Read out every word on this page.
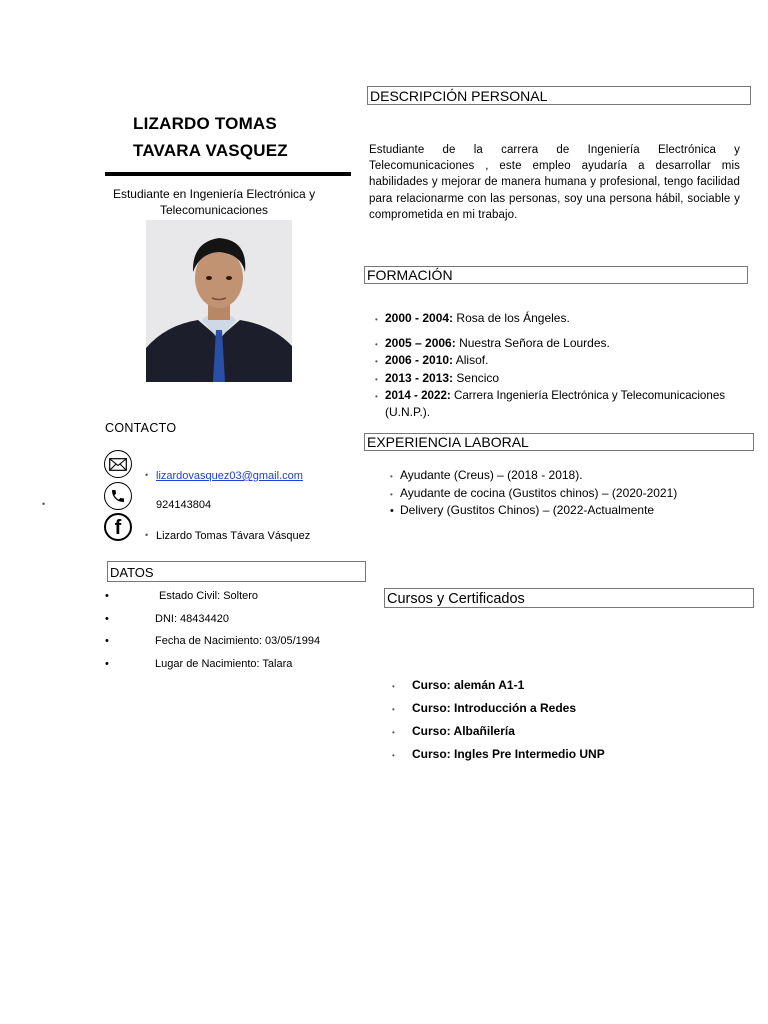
LIZARDO TOMAS
TAVARA VASQUEZ
Estudiante en Ingeniería Electrónica y
Telecomunicaciones
CONTACTO
• lizardovasquez03@gmail.com
•	924143804
f	• Lizardo Tomas Távara Vásquez
DATOS
•	Estado Civil: Soltero
•	DNI: 48434420
•	Fecha de Nacimiento: 03/05/1994
•	Lugar de Nacimiento: Talara
DESCRIPCIÓN PERSONAL
Estudiante de la carrera de Ingeniería Electrónica y Telecomunicaciones , este empleo ayudaría a desarrollar mis habilidades y mejorar de manera humana y profesional, tengo facilidad para relacionarme con las personas, soy una persona hábil, sociable y comprometida en mi trabajo.
FORMACIÓN
• 2000 - 2004: Rosa de los Ángeles.
• 2005 – 2006: Nuestra Señora de Lourdes.
• 2006 - 2010: Alisof.
• 2013 - 2013: Sencico
• 2014 - 2022: Carrera Ingeniería Electrónica y Telecomunicaciones
(U.N.P.).
EXPERIENCIA LABORAL
• Ayudante (Creus) – (2018 - 2018).
• Ayudante de cocina (Gustitos chinos) – (2020-2021)
• Delivery (Gustitos Chinos) – (2022-Actualmente
Cursos y Certificados
• Curso: alemán A1-1
• Curso: Introducción a Redes
• Curso: Albañilería
• Curso: Ingles Pre Intermedio UNP
